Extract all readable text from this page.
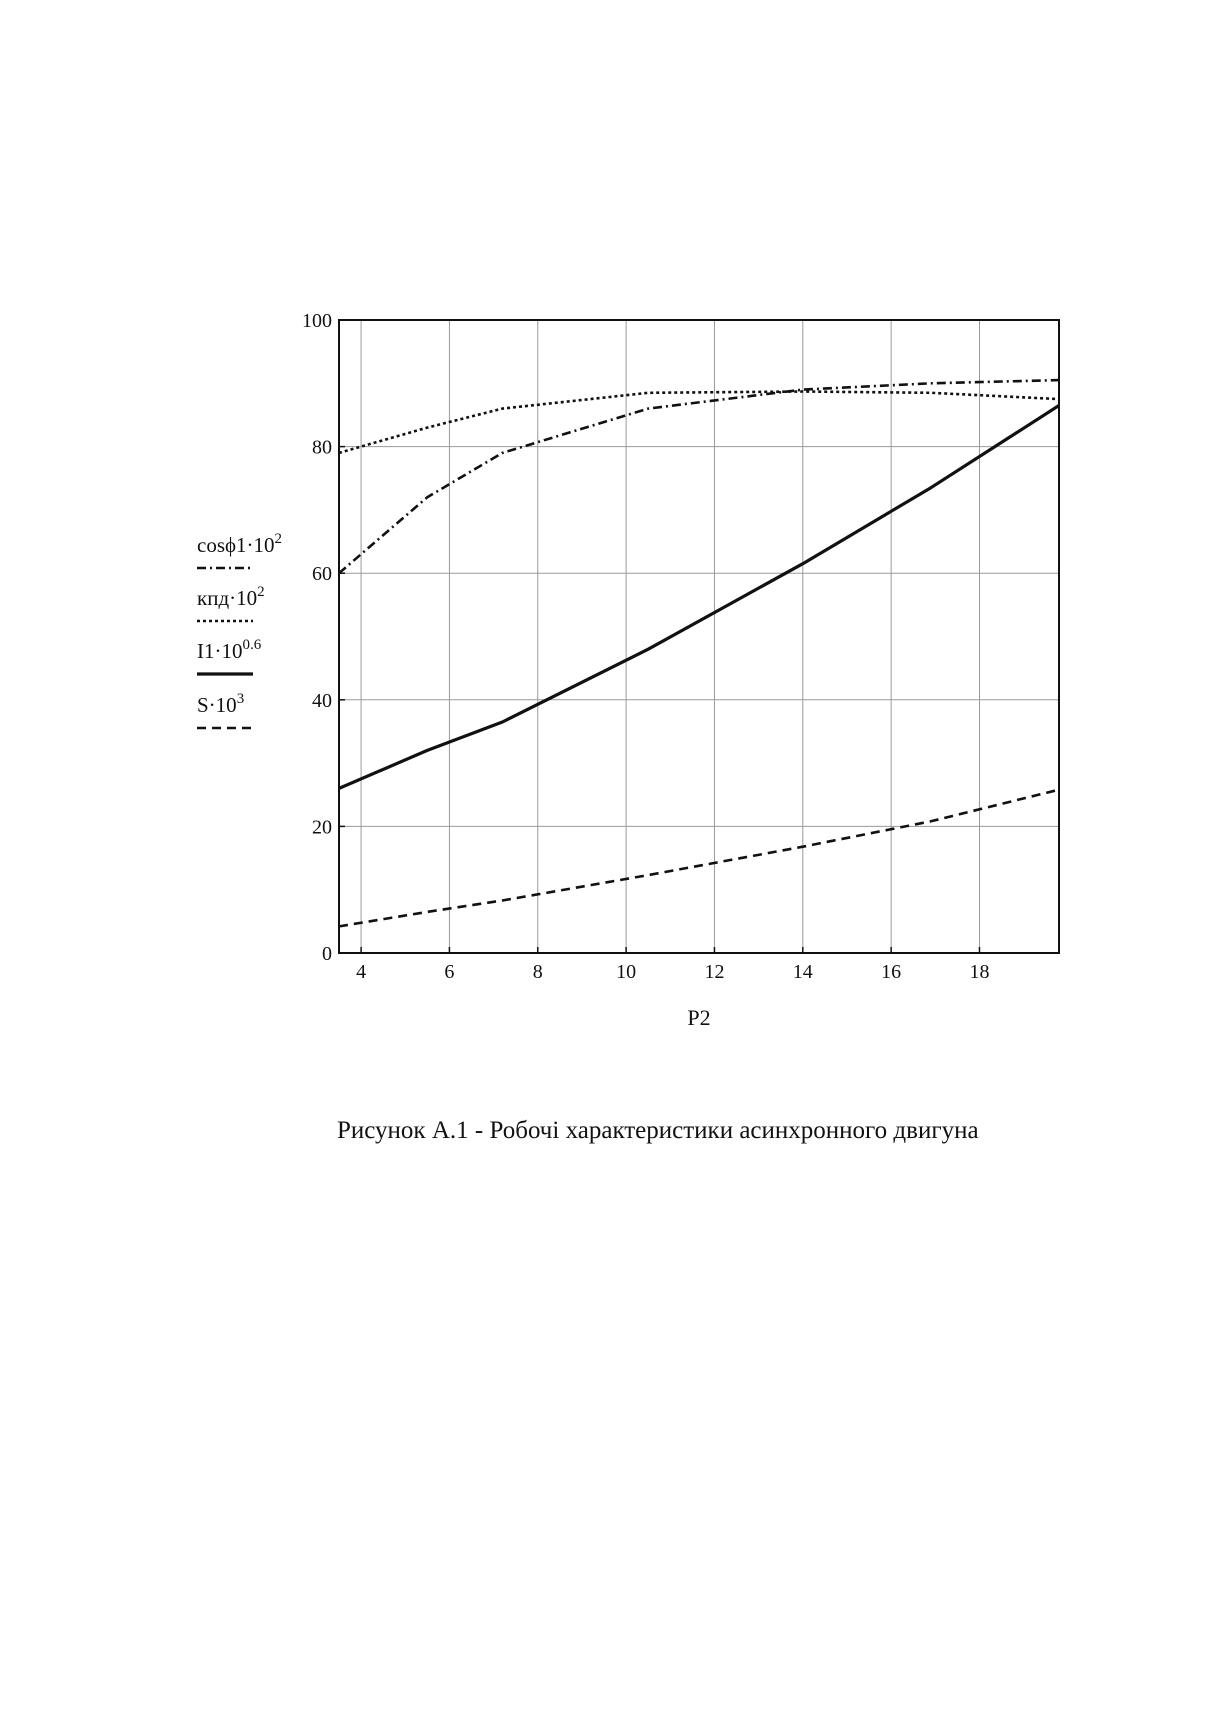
4	6	8	10	12	14	16	18
0
20
40
60
80
100
P2
$\cos\phi 1\cdot 10^2$
$кпд\cdot 10^2$
$I1\cdot 10^{0.6}$
$S\cdot 10^3$
Рисунок А.1 - Робочі характеристики асинхронного двигуна
